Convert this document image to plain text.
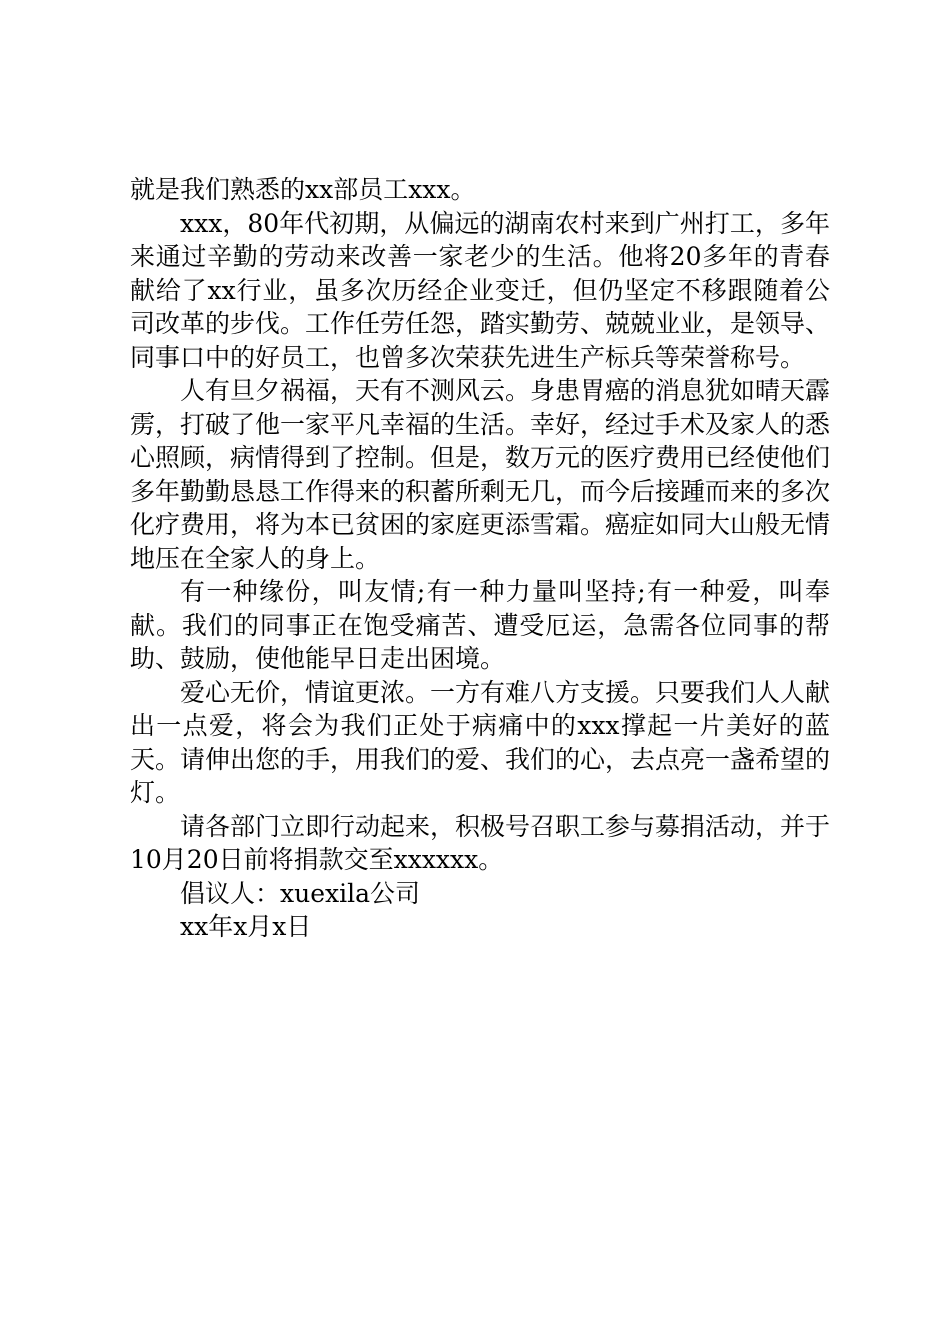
就是我们熟悉的xx部员工xxx。

xxx，80年代初期，从偏远的湖南农村来到广州打工，多年来通过辛勤的劳动来改善一家老少的生活。他将20多年的青春献给了xx行业，虽多次历经企业变迁，但仍坚定不移跟随着公司改革的步伐。工作任劳任怨，踏实勤劳、兢兢业业，是领导、同事口中的好员工，也曾多次荣获先进生产标兵等荣誉称号。

人有旦夕祸福，天有不测风云。身患胃癌的消息犹如晴天霹雳，打破了他一家平凡幸福的生活。幸好，经过手术及家人的悉心照顾，病情得到了控制。但是，数万元的医疗费用已经使他们多年勤勤恳恳工作得来的积蓄所剩无几，而今后接踵而来的多次化疗费用，将为本已贫困的家庭更添雪霜。癌症如同大山般无情地压在全家人的身上。

有一种缘份，叫友情;有一种力量叫坚持;有一种爱，叫奉献。我们的同事正在饱受痛苦、遭受厄运，急需各位同事的帮助、鼓励，使他能早日走出困境。

爱心无价，情谊更浓。一方有难八方支援。只要我们人人献出一点爱，将会为我们正处于病痛中的xxx撑起一片美好的蓝天。请伸出您的手，用我们的爱、我们的心，去点亮一盏希望的灯。

请各部门立即行动起来，积极号召职工参与募捐活动，并于10月20日前将捐款交至xxxxxx。

倡议人：xuexila公司

xx年x月x日
